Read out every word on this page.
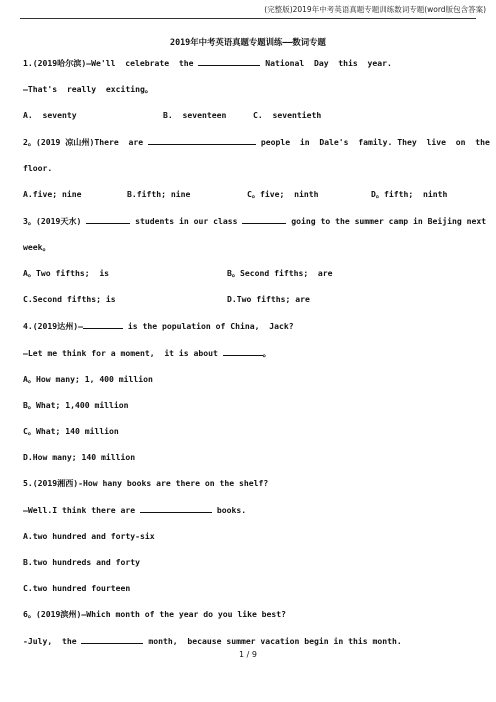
(完整版)2019年中考英语真题专题训练数词专题(word版包含答案)
2019年中考英语真题专题训练——数词专题
1.(2019哈尔滨)—We'll  celebrate  the	National  Day  this  year.
—That's  really  exciting。
A.  seventy	B.  seventeen	C.  seventieth
2。(2019 凉山州)There  are	people  in  Dale's  family. They  live  on  the
floor.
A.five; nine	B.fifth; nine	C。five;  ninth	D。fifth;  ninth
3。(2019天水)	students in our class	going to the summer camp in Beijing next
week。
A。Two fifths;  is	B。Second fifths;  are
C.Second fifths; is	D.Two fifths; are
4.(2019达州)—	is the population of China,  Jack?
—Let me think for a moment,  it is about	。
A。How many; 1, 400 million
B。What; 1,400 million
C。What; 140 million
D.How many; 140 million
5.(2019湘西)-How hany books are there on the shelf?
—Well.I think there are	books.
A.two hundred and forty-six
B.two hundreds and forty
C.two hundred fourteen
6。(2019滨州)—Which month of the year do you like best?
-July,  the	month,  because summer vacation begin in this month.
1 / 9
